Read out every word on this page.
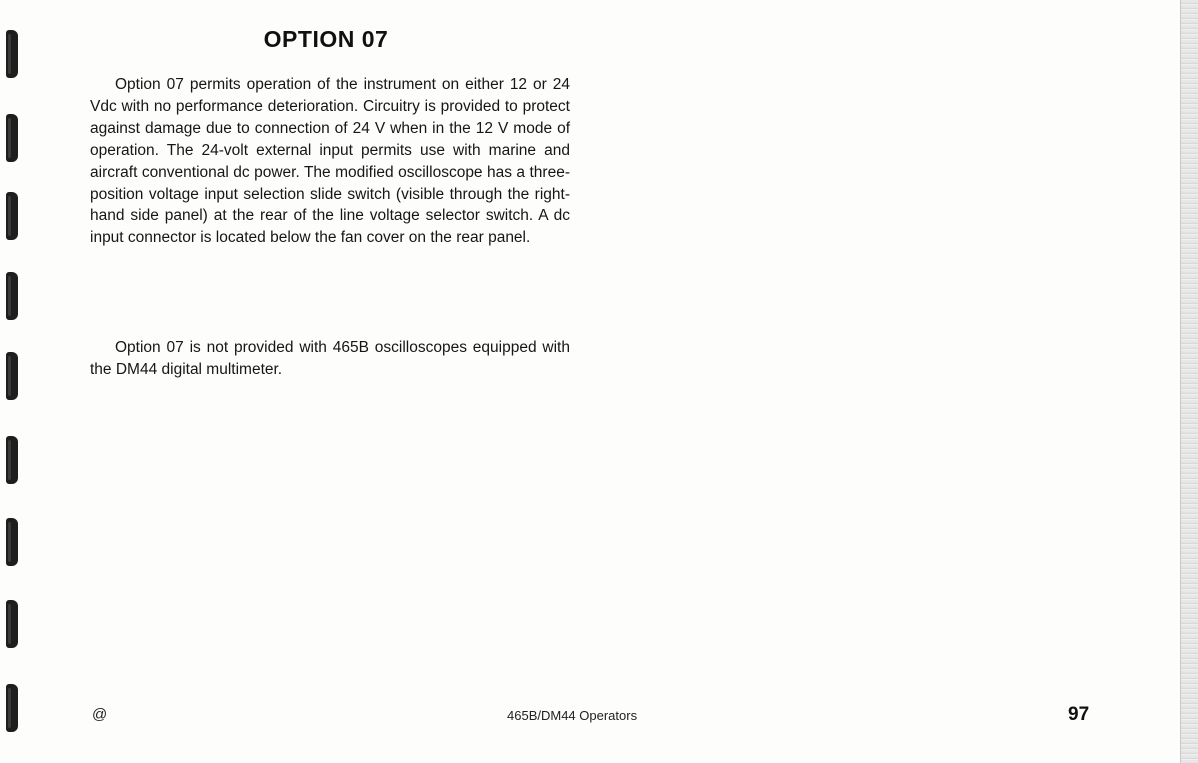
OPTION 07

Option 07 permits operation of the instrument on either 12 or 24 Vdc with no performance deterioration. Circuitry is provided to protect against damage due to connection of 24 V when in the 12 V mode of operation. The 24-volt external input permits use with marine and aircraft conventional dc power. The modified oscilloscope has a three-position voltage input selection slide switch (visible through the right-hand side panel) at the rear of the line voltage selector switch. A dc input connector is located below the fan cover on the rear panel.

Option 07 is not provided with 465B oscilloscopes equipped with the DM44 digital multimeter.

@	465B/DM44 Operators	97
